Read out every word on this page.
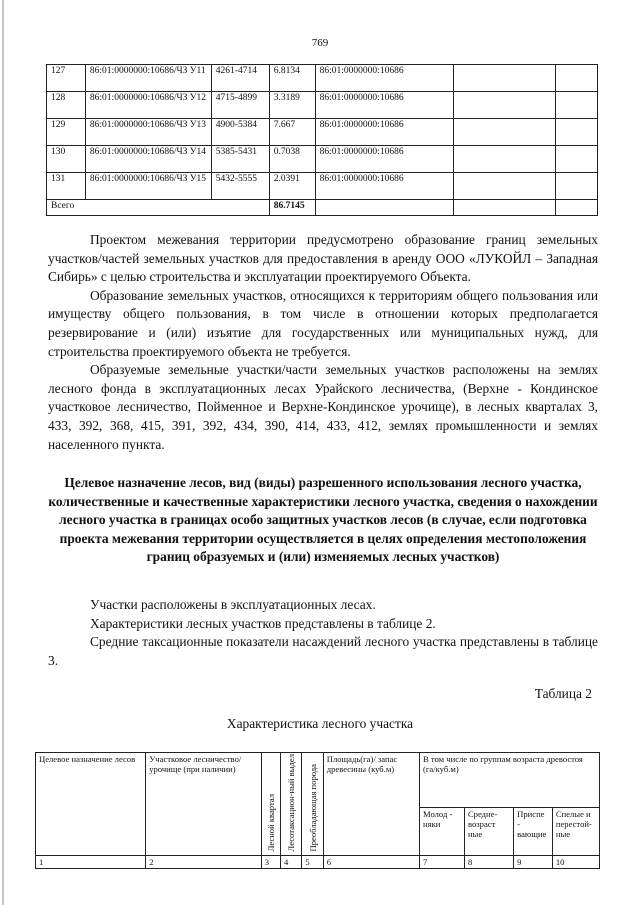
769
127	86:01:0000000:10686/ЧЗ У11	4261-4714	6.8134	86:01:0000000:10686		
128	86:01:0000000:10686/ЧЗ У12	4715-4899	3.3189	86:01:0000000:10686		
129	86:01:0000000:10686/ЧЗ У13	4900-5384	7.667	86:01:0000000:10686		
130	86:01:0000000:10686/ЧЗ У14	5385-5431	0.7038	86:01:0000000:10686		
131	86:01:0000000:10686/ЧЗ У15	5432-5555	2.0391	86:01:0000000:10686		
Всего			86.7145			

Проектом межевания территории предусмотрено образование границ земельных участков/частей земельных участков для предоставления в аренду ООО «ЛУКОЙЛ – Западная Сибирь» с целью строительства и эксплуатации проектируемого Объекта.

Образование земельных участков, относящихся к территориям общего пользования или имуществу общего пользования, в том числе в отношении которых предполагается резервирование и (или) изъятие для государственных или муниципальных нужд, для строительства проектируемого объекта не требуется.

Образуемые земельные участки/части земельных участков расположены на землях лесного фонда в эксплуатационных лесах Урайского лесничества, (Верхне - Кондинское участковое лесничество, Пойменное и Верхне-Кондинское урочище), в лесных кварталах 3, 433, 392, 368, 415, 391, 392, 434, 390, 414, 433, 412, землях промышленности и землях населенного пункта.

Целевое назначение лесов, вид (виды) разрешенного использования лесного участка, количественные и качественные характеристики лесного участка, сведения о нахождении лесного участка в границах особо защитных участков лесов (в случае, если подготовка проекта межевания территории осуществляется в целях определения местоположения границ образуемых и (или) изменяемых лесных участков)

Участки расположены в эксплуатационных лесах.

Характеристики лесных участков представлены в таблице 2.

Средние таксационные показатели насаждений лесного участка представлены в таблице 3.

Таблица 2
Характеристика лесного участка
Целевое назначение лесов	Участковое лесничество/урочище (при наличии)	Лесной квартал	Лесотаксацион-ный выдел	Преобладающая порода	Площадь(га)/ запас древесины (куб.м)	В том числе по группам возраста древостоя (га/куб.м)			
						Молод - няки	Средне-возраст ные	Приспе - вающие	Спелые и перестой-ные
1	2	3	4	5	6	7	8	9	10
